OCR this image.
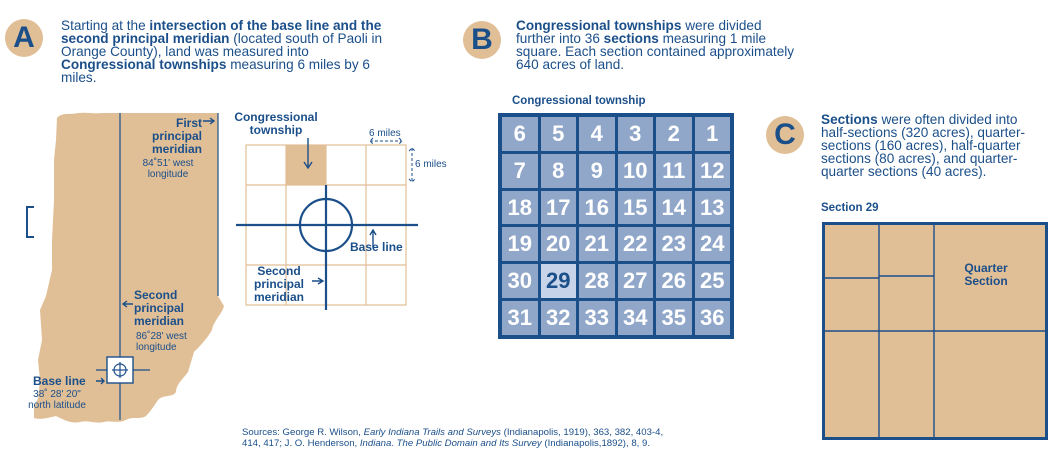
A	Starting at the intersection of the base line and the second principal meridian (located south of Paoli in Orange County), land was measured into Congressional townships measuring 6 miles by 6 miles.
First
principal
meridian
84˚51' west
longitude
Second
principal
meridian
86˚28' west
longitude
Base line
38˚ 28' 20"
north latitude
Congressional
township	6 miles
6 miles
Base line
Second
principal
meridian
B	Congressional townships were divided further into 36 sections measuring 1 mile square. Each section contained approximately 640 acres of land.
Congressional township
6	5	4	3	2	1
7	8	9 10 11 12
18 17 16 15 14 13
19 20 21 22 23 24
30 29 28 27 26 25
31 32 33 34 35 36
C	Sections were often divided into half-sections (320 acres), quarter-sections (160 acres), half-quarter sections (80 acres), and quarter-quarter sections (40 acres).
Section 29
Quarter
Section
Sources: George R. Wilson, Early Indiana Trails and Surveys (Indianapolis, 1919), 363, 382, 403-4,
414, 417; J. O. Henderson, Indiana. The Public Domain and Its Survey (Indianapolis,1892), 8, 9.
